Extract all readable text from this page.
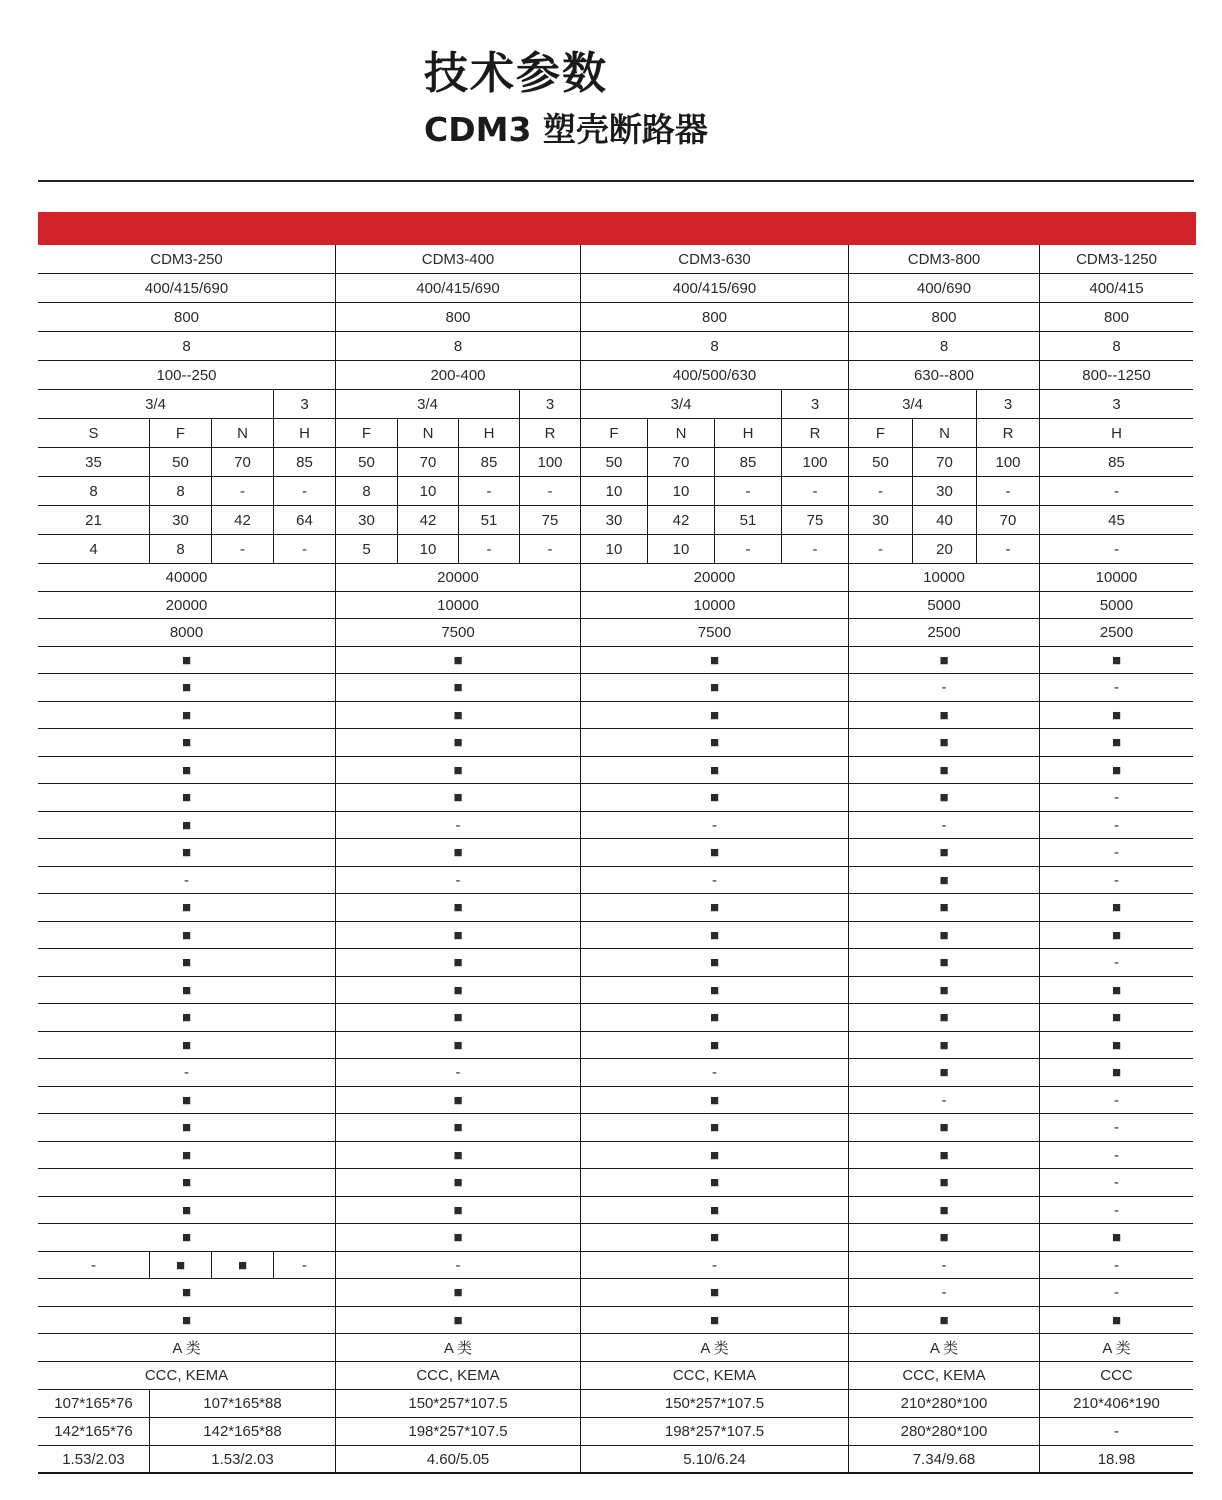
技术参数
CDM3 塑壳断路器
CDM3-250	CDM3-400	CDM3-630	CDM3-800	CDM3-1250
400/415/690	400/415/690	400/415/690	400/690	400/415
800	800	800	800	800
8	8	8	8	8
100--250	200-400	400/500/630	630--800	800--1250
3/4	3	3/4	3	3/4	3	3/4	3	3
S	F	N	H	F	N	H	R	F	N	H	R	F	N	R	H
35	50	70	85	50	70	85	100	50	70	85	100	50	70	100	85
8	8	-	-	8	10	-	-	10	10	-	-	-	30	-	-
21	30	42	64	30	42	51	75	30	42	51	75	30	40	70	45
4	8	-	-	5	10	-	-	10	10	-	-	-	20	-	-
40000	20000	20000	10000	10000
20000	10000	10000	5000	5000
8000	7500	7500	2500	2500
■	■	■	■	■
■	■	■	-	-
■	■	■	■	■
■	■	■	■	■
■	■	■	■	■
■	■	■	■	-
■	-	-	-	-
■	■	■	■	-
-	-	-	■	-
■	■	■	■	■
■	■	■	■	■
■	■	■	■	-
■	■	■	■	■
■	■	■	■	■
■	■	■	■	■
-	-	-	■	■
■	■	■	-	-
■	■	■	■	-
■	■	■	■	-
■	■	■	■	-
■	■	■	■	-
■	■	■	■	■
-	■	■	-	-	-	-	-
■	■	■	-	-
■	■	■	■	■
A 类	A 类	A 类	A 类	A 类
CCC, KEMA	CCC, KEMA	CCC, KEMA	CCC, KEMA	CCC
107*165*76	107*165*88	150*257*107.5	150*257*107.5	210*280*100	210*406*190
142*165*76	142*165*88	198*257*107.5	198*257*107.5	280*280*100	-
1.53/2.03	1.53/2.03	4.60/5.05	5.10/6.24	7.34/9.68	18.98
